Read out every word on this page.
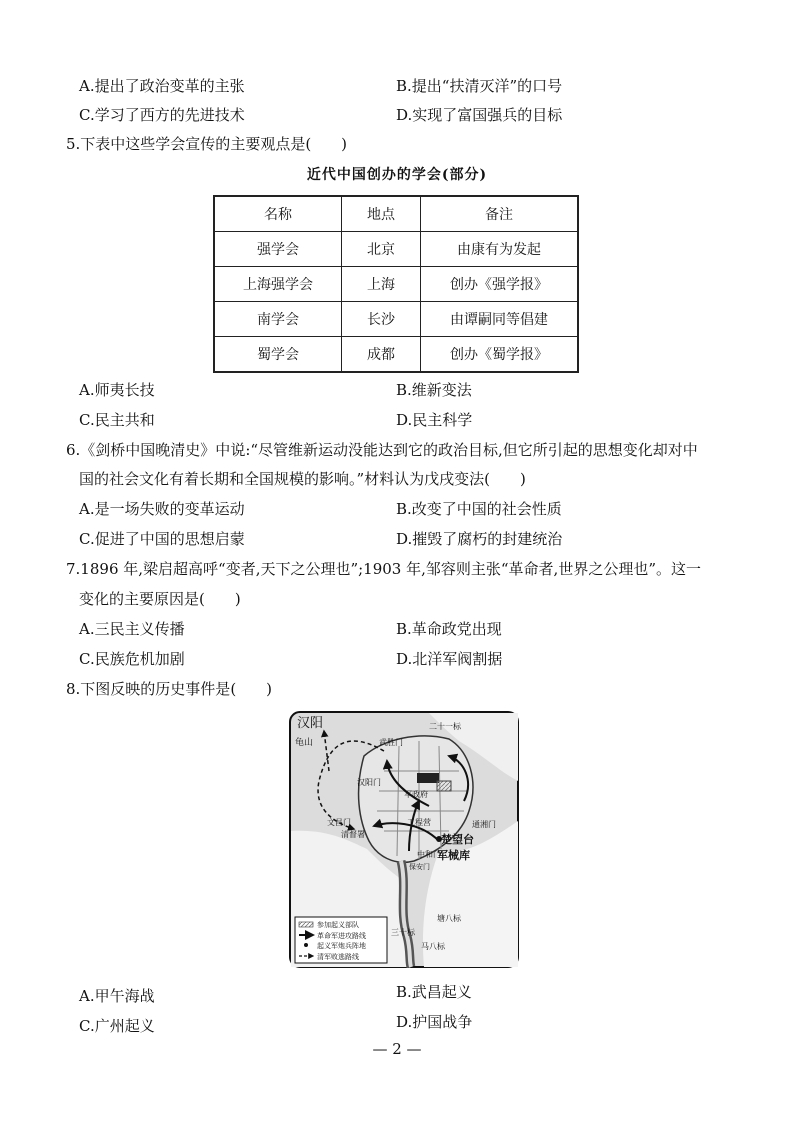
A.提出了政治变革的主张	B.提出“扶清灭洋”的口号
C.学习了西方的先进技术	D.实现了富国强兵的目标
5.下表中这些学会宣传的主要观点是(　　)
近代中国创办的学会(部分)
名称	地点	备注
强学会	北京	由康有为发起
上海强学会	上海	创办《强学报》
南学会	长沙	由谭嗣同等倡建
蜀学会	成都	创办《蜀学报》
A.师夷长技	B.维新变法
C.民主共和	D.民主科学
6.《剑桥中国晚清史》中说:“尽管维新运动没能达到它的政治目标,但它所引起的思想变化却对中
国的社会文化有着长期和全国规模的影响。”材料认为戊戌变法(　　)
A.是一场失败的变革运动	B.改变了中国的社会性质
C.促进了中国的思想启蒙	D.摧毁了腐朽的封建统治
7.1896 年,梁启超高呼“变者,天下之公理也”;1903 年,邹容则主张“革命者,世界之公理也”。这一
变化的主要原因是(　　)
A.三民主义传播	B.革命政党出现
C.民族危机加剧	D.北洋军阀割据
8.下图反映的历史事件是(　　)
汉阳
龟山	武胜门
二十一标
汉阳门
军政府
文昌门	工程营	通湘门
清督署	楚望台
中和门
军械库
保安门
三十标
塘八标
马八标
参加起义部队
革命军进攻路线
起义军炮兵阵地
清军败逃路线
A.甲午海战	B.武昌起义
C.广州起义	D.护国战争
— 2 —
